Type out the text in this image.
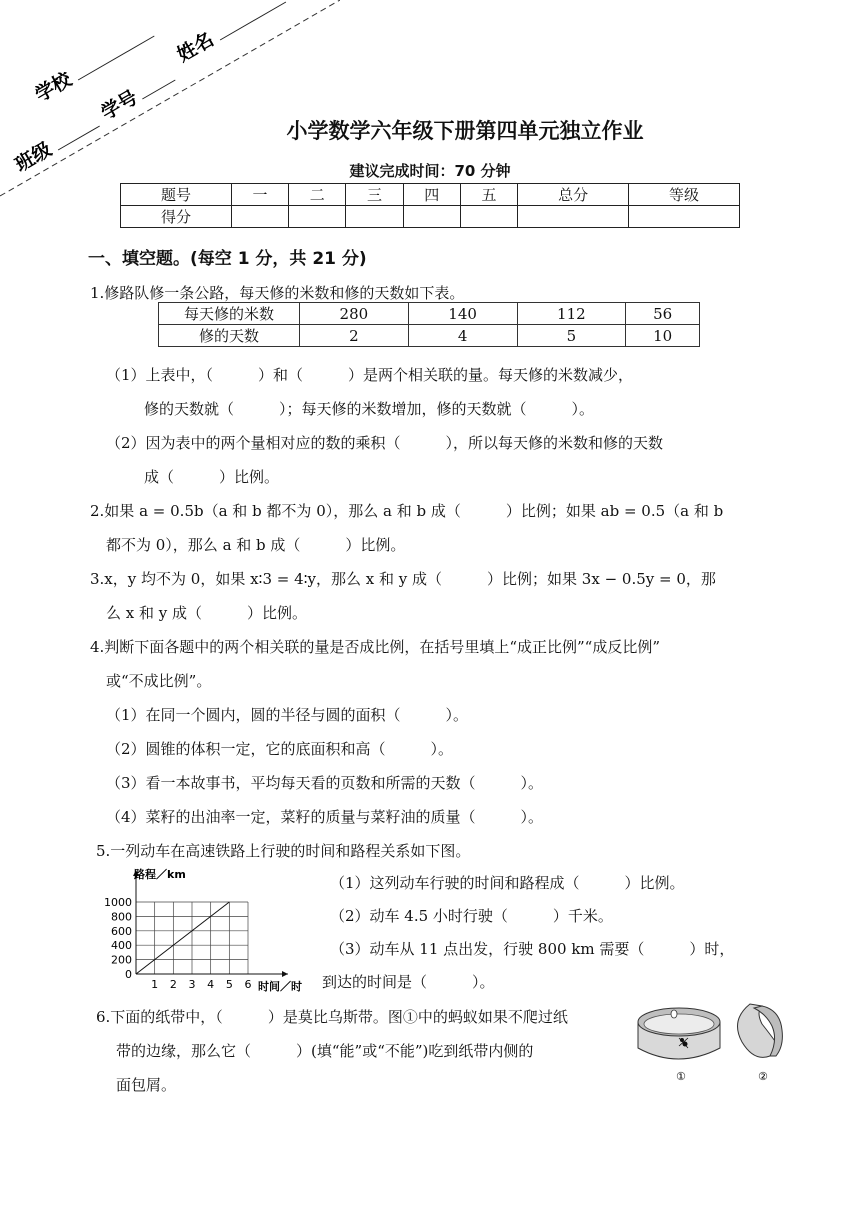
学校
姓名
学号
班级
小学数学六年级下册第四单元独立作业
建议完成时间：70 分钟
题号	一	二	三	四	五	总分	等级
得分							
一、填空题。(每空 1 分，共 21 分)
1.修路队修一条公路，每天修的米数和修的天数如下表。
每天修的米数	280	140	112	56
修的天数	2	4	5	10
（1）上表中，（　　　）和（　　　）是两个相关联的量。每天修的米数减少，
修的天数就（　　　）；每天修的米数增加，修的天数就（　　　）。
（2）因为表中的两个量相对应的数的乘积（　　　），所以每天修的米数和修的天数
成（　　　）比例。
2.如果 a = 0.5b（a 和 b 都不为 0），那么 a 和 b 成（　　　）比例；如果 ab = 0.5（a 和 b
都不为 0），那么 a 和 b 成（　　　）比例。
3.x，y 均不为 0，如果 x∶3 = 4∶y，那么 x 和 y 成（　　　）比例；如果 3x − 0.5y = 0，那
么 x 和 y 成（　　　）比例。
4.判断下面各题中的两个相关联的量是否成比例，在括号里填上“成正比例”“成反比例”
或“不成比例”。
（1）在同一个圆内，圆的半径与圆的面积（　　　）。
（2）圆锥的体积一定，它的底面积和高（　　　）。
（3）看一本故事书，平均每天看的页数和所需的天数（　　　）。
（4）菜籽的出油率一定，菜籽的质量与菜籽油的质量（　　　）。
5.一列动车在高速铁路上行驶的时间和路程关系如下图。
1 2 3 4 5 6
0
200
400
600
800
1000
路程／km
时间／时
（1）这列动车行驶的时间和路程成（　　　）比例。
（2）动车 4.5 小时行驶（　　　）千米。
（3）动车从 11 点出发，行驶 800 km 需要（　　　）时，
到达的时间是（　　　）。
6.下面的纸带中，（　　　）是莫比乌斯带。图①中的蚂蚁如果不爬过纸
带的边缘，那么它（　　　）(填“能”或“不能”)吃到纸带内侧的
面包屑。	①	②
